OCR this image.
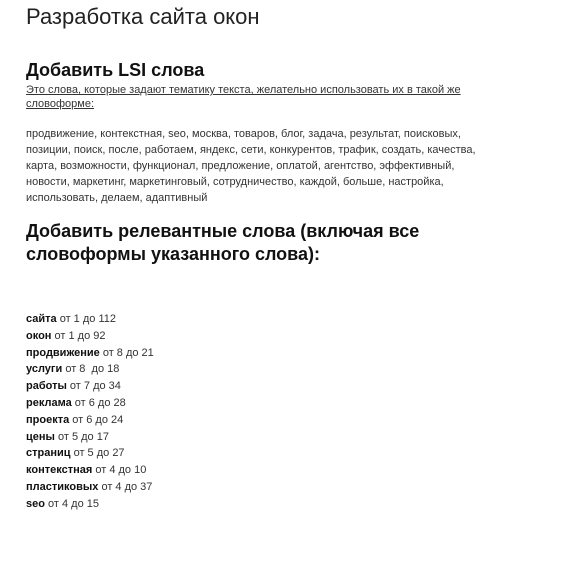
Разработка сайта окон
Добавить LSI слова

Это слова, которые задают тематику текста, желательно использовать их в такой же словоформе:

продвижение, контекстная, seo, москва, товаров, блог, задача, результат, поисковых, позиции, поиск, после, работаем, яндекс, сети, конкурентов, трафик, создать, качества, карта, возможности, функционал, предложение, оплатой, агентство, эффективный, новости, маркетинг, маркетинговый, сотрудничество, каждой, больше, настройка, использовать, делаем, адаптивный

Добавить релевантные слова (включая все словоформы указанного слова):
сайта от 1 до 112
окон от 1 до 92
продвижение от 8 до 21
услуги от 8  до 18
работы от 7 до 34
реклама от 6 до 28
проекта от 6 до 24
цены от 5 до 17
страниц от 5 до 27
контекстная от 4 до 10
пластиковых от 4 до 37
seo от 4 до 15
